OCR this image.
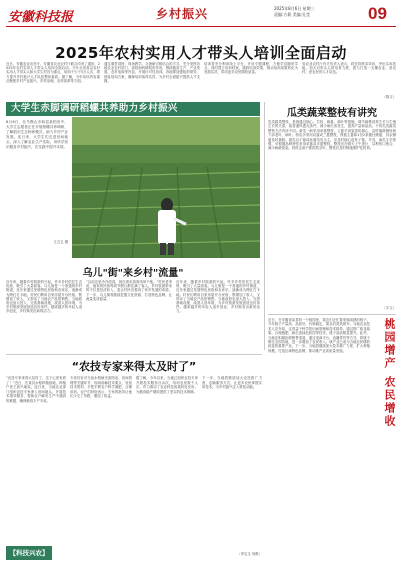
安徽科技报	乡村振兴	2025年8月6日 星期三
责编:方莉 美编:孔莹	09
2025年农村实用人才带头人培训全面启动
近日，安徽农业农村厅、安徽省农业农村厅联合印发了通知，2025年农村实用人才带头人培训全面启动。今年全省将以农村实用人才带头人和大学生村官为重点，培训不少于5万人次，着力提升乡村振兴人才队伍整体素质。据了解，今年培训内容重点聚焦乡村产业振兴、乡村治理、农村改革等方面。
通过课堂讲授、现场教学、交流研讨相结合的方式，充分发挥各地农业农村部门、高校和科研院所作用，围绕粮食生产、产业发展、农村电商等内容，开展针对性培训。各地要加强组织领导，细化培训方案，确保培训取得实效，为乡村全面振兴提供人才支撑。
培训将充分利用线上平台，开设专题课程，方便学员随时学习。同时建立培训档案，跟踪培训效果，推动培训成果转化为发展实效，带动更多农民增收致富。
省农业农村厅有关负责人表示，将坚持需求导向，突出实用技能，加大对带头人的培育力度，着力打造一支懂农业、爱农村、爱农民的人才队伍。
（陈文）
大学生赤脚调研稻螺共养助力乡村振兴
8月6日，在马鞍山市和县某稻田中，大学生志愿者正在开展稻螺共养调研，了解稻田生态种养模式，助力乡村产业发展。连日来，大学生们走进田间地头，深入了解农业生产实际，用所学知识服务乡村振兴，在实践中提升本领。
王五五 摄
乌儿"街"来乡村"流量"
近年来，随着乡村旅游的兴起，许多乡村依托生态优势，吸引了大量游客。乌儿街是一个普通的乡村街道，近年来通过发展特色民宿和农家乐，逐渐成为网红打卡地。村民们利用自家房屋开办民宿，既增加了收入，又带动了当地农产品的销售。当地政府也加大投入，完善基础设施，改善人居环境，为乡村旅游发展创造良好条件。越来越多的年轻人返乡创业，乡村焕发出新的活力。
“以前这里冷冷清清，现在周末游客络绎不绝。”村民老李说，他家的民宿每到节假日都住满了客人。乡村旅游带来的不仅是经济收入，更让村民们看到了家乡发展的希望。下一步，乌儿街将继续挖掘文化资源，打造特色品牌，让流量变成留量。
近年来，随着乡村旅游的兴起，许多乡村依托生态优势，吸引了大量游客。乌儿街是一个普通的乡村街道，近年来通过发展特色民宿和农家乐，逐渐成为网红打卡地。村民们利用自家房屋开办民宿，既增加了收入，又带动了当地农产品的销售。当地政府也加大投入，完善基础设施，改善人居环境，为乡村旅游发展创造良好条件。越来越多的年轻人返乡创业，乡村焕发出新的活力。
瓜类蔬菜整枝有讲究
瓜类蔬菜整枝，是指通过摘心、打杈、绑蔓、疏叶等措施，调节植株营养生长与生殖生长的关系，改善通风透光条件，减少病虫害发生，提高产量和品质。不同瓜类蔬菜整枝方法有所不同。黄瓜一般采用单蔓整枝，主蔓长到架顶时摘心，及时摘除侧枝和下部老叶、病叶。西瓜多采用双蔓或三蔓整枝，保留主蔓和1至2条健壮侧蔓，其余侧蔓及时摘除。甜瓜以子蔓或孙蔓结瓜为主，应及时摘心促发子蔓。冬瓜、南瓜生长势强，可根据品种特性采用单蔓或多蔓整枝。整枝宜在晴天上午进行，以利伤口愈合，减少病菌侵染。同时注意不要损伤茎叶，整枝后及时喷施保护性药剂。
（宇文）
近日，在安徽省某县的一个桃园里，果农们正忙着采摘成熟的桃子。今年桃子产量高、品质好，价格稳定，果农们喜笑颜开。当地农业技术人员介绍，这得益于科学的田间管理和技术指导。通过推广疏花疏果、合理施肥、病虫害绿色防控等技术，桃子品质明显提升。此外，当地还积极拓展销售渠道，通过电商平台、直播带货等方式，将桃子销往全国各地，进一步增加了农民收入。桃产业已成为当地农民增收致富的重要产业。下一步，当地将继续加大技术推广力度，扩大种植规模，打造区域特色品牌，推动桃产业高质量发展。	桃园增产 农民增收
“农技专家来得太及时了”
“农技专家来得太及时了，这下心里有底了！”近日，在某县水稻种植基地，种植户老王高兴地说。连日来，当地农业部门组织农技专家深入田间地头，开展技术指导服务，帮助农户解决生产中遇到的难题，确保粮食丰产丰收。
专家们针对当前水稻病虫害防治、田间管理等关键环节，现场讲解技术要点，发放技术资料，手把手教农户科学施肥、合理用药。农户们纷纷表示，专家的指导让他们少走了弯路，增加了收益。
据了解，今年以来，当地已组织农技专家开展技术服务百余次，培训农民数千人次，有力推动了农业科技成果转化应用，为粮食稳产增收提供了坚实的技术保障。
下一步，当地将继续加大农技推广力度，创新服务方式，让更多农民掌握实用技术，为乡村振兴注入科技动能。
（李宝玉 何维）
【科技兴农】
